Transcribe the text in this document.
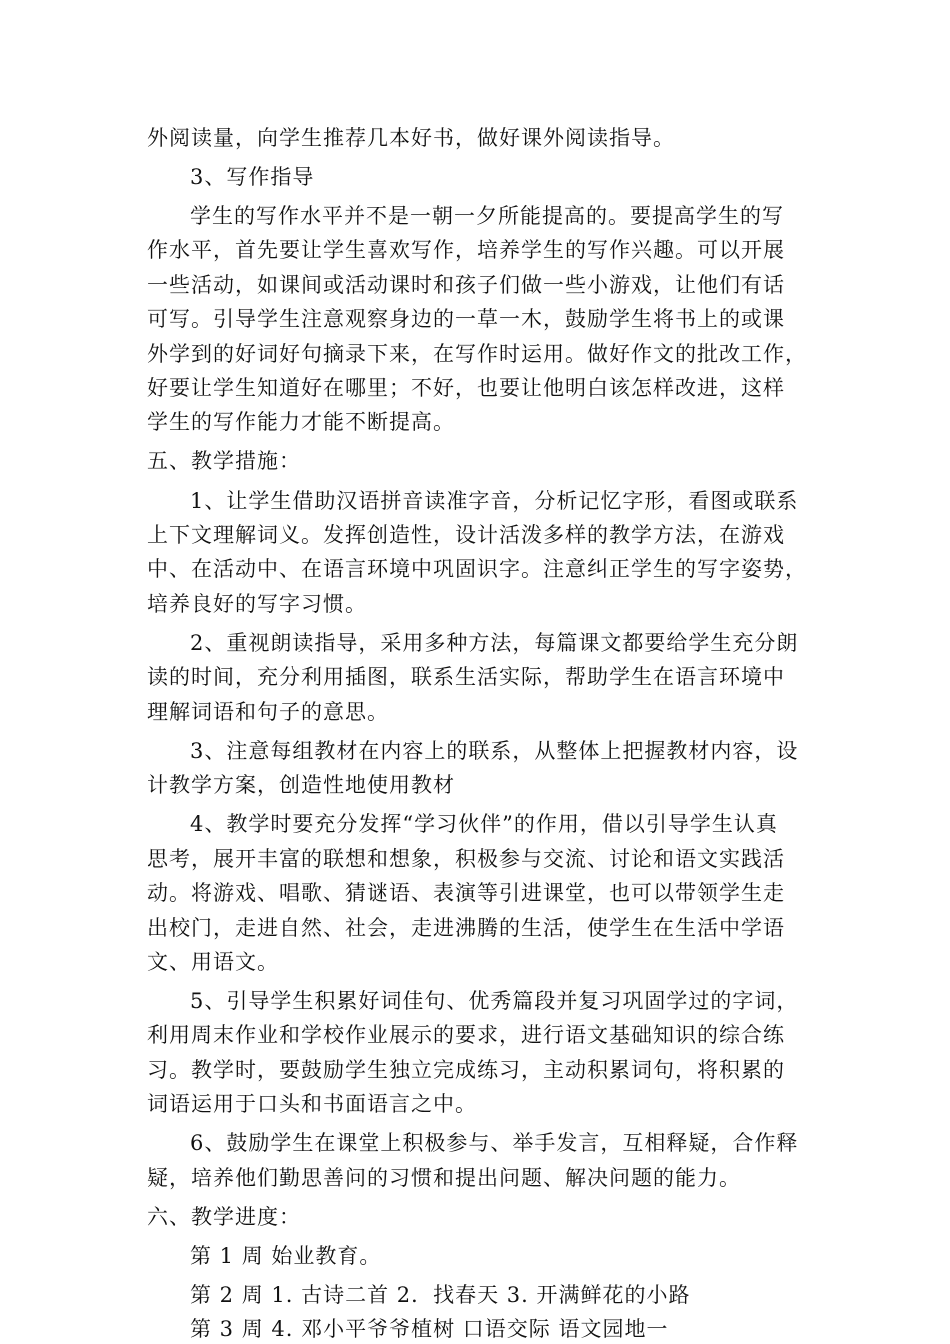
外阅读量，向学生推荐几本好书，做好课外阅读指导。
3、写作指导
学生的写作水平并不是一朝一夕所能提高的。要提高学生的写
作水平，首先要让学生喜欢写作，培养学生的写作兴趣。可以开展
一些活动，如课间或活动课时和孩子们做一些小游戏，让他们有话
可写。引导学生注意观察身边的一草一木，鼓励学生将书上的或课
外学到的好词好句摘录下来，在写作时运用。做好作文的批改工作，
好要让学生知道好在哪里；不好，也要让他明白该怎样改进，这样
学生的写作能力才能不断提高。
五、教学措施：
1、让学生借助汉语拼音读准字音，分析记忆字形，看图或联系
上下文理解词义。发挥创造性，设计活泼多样的教学方法，在游戏
中、在活动中、在语言环境中巩固识字。注意纠正学生的写字姿势，
培养良好的写字习惯。
2、重视朗读指导，采用多种方法，每篇课文都要给学生充分朗
读的时间，充分利用插图，联系生活实际，帮助学生在语言环境中
理解词语和句子的意思。
3、注意每组教材在内容上的联系，从整体上把握教材内容，设
计教学方案，创造性地使用教材
4、教学时要充分发挥“学习伙伴”的作用，借以引导学生认真
思考，展开丰富的联想和想象，积极参与交流、讨论和语文实践活
动。将游戏、唱歌、猜谜语、表演等引进课堂，也可以带领学生走
出校门，走进自然、社会，走进沸腾的生活，使学生在生活中学语
文、用语文。
5、引导学生积累好词佳句、优秀篇段并复习巩固学过的字词，
利用周末作业和学校作业展示的要求，进行语文基础知识的综合练
习。教学时，要鼓励学生独立完成练习，主动积累词句，将积累的
词语运用于口头和书面语言之中。
6、鼓励学生在课堂上积极参与、举手发言，互相释疑，合作释
疑，培养他们勤思善问的习惯和提出问题、解决问题的能力。
六、教学进度：
第 1 周 始业教育。
第 2 周 1. 古诗二首 2．找春天 3. 开满鲜花的小路
第 3 周 4. 邓小平爷爷植树 口语交际 语文园地一
